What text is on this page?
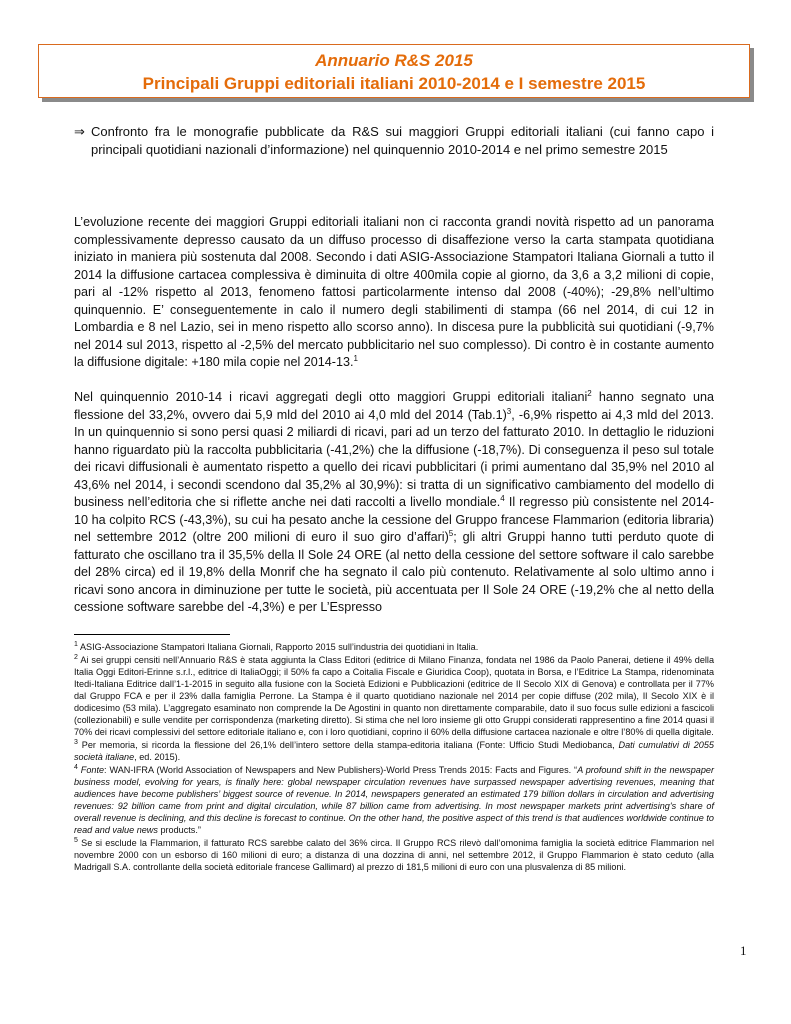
Annuario R&S 2015
Principali Gruppi editoriali italiani 2010-2014 e I semestre 2015
⇒ Confronto fra le monografie pubblicate da R&S sui maggiori Gruppi editoriali italiani (cui fanno capo i principali quotidiani nazionali d’informazione) nel quinquennio 2010-2014 e nel primo semestre 2015
L’evoluzione recente dei maggiori Gruppi editoriali italiani non ci racconta grandi novità rispetto ad un panorama complessivamente depresso causato da un diffuso processo di disaffezione verso la carta stampata quotidiana iniziato in maniera più sostenuta dal 2008. Secondo i dati ASIG-Associazione Stampatori Italiana Giornali a tutto il 2014 la diffusione cartacea complessiva è diminuita di oltre 400mila copie al giorno, da 3,6 a 3,2 milioni di copie, pari al -12% rispetto al 2013, fenomeno fattosi particolarmente intenso dal 2008 (-40%); -29,8% nell’ultimo quinquennio. E’ conseguentemente in calo il numero degli stabilimenti di stampa (66 nel 2014, di cui 12 in Lombardia e 8 nel Lazio, sei in meno rispetto allo scorso anno). In discesa pure la pubblicità sui quotidiani (-9,7% nel 2014 sul 2013, rispetto al -2,5% del mercato pubblicitario nel suo complesso). Di contro è in costante aumento la diffusione digitale: +180 mila copie nel 2014-13.$^1$
Nel quinquennio 2010-14 i ricavi aggregati degli otto maggiori Gruppi editoriali italiani$^2$ hanno segnato una flessione del 33,2%, ovvero dai 5,9 mld del 2010 ai 4,0 mld del 2014 $(Tab.1)^3$, -6,9% rispetto ai 4,3 mld del 2013. In un quinquennio si sono persi quasi 2 miliardi di ricavi, pari ad un terzo del fatturato 2010. In dettaglio le riduzioni hanno riguardato più la raccolta pubblicitaria (-41,2%) che la diffusione (-18,7%). Di conseguenza il peso sul totale dei ricavi diffusionali è aumentato rispetto a quello dei ricavi pubblicitari (i primi aumentano dal 35,9% nel 2010 al 43,6% nel 2014, i secondi scendono dal 35,2% al 30,9%): si tratta di un significativo cambiamento del modello di business nell’editoria che si riflette anche nei dati raccolti a livello mondiale.$^4$ Il regresso più consistente nel 2014-10 ha colpito RCS (-43,3%), su cui ha pesato anche la cessione del Gruppo francese Flammarion (editoria libraria) nel settembre 2012 (oltre 200 milioni di euro il suo giro d’affari)$^5$; gli altri Gruppi hanno tutti perduto quote di fatturato che oscillano tra il 35,5% della Il Sole 24 ORE (al netto della cessione del settore software il calo sarebbe del 28% circa) ed il 19,8% della Monrif che ha segnato il calo più contenuto. Relativamente al solo ultimo anno i ricavi sono ancora in diminuzione per tutte le società, più accentuata per Il Sole 24 ORE (-19,2% che al netto della cessione software sarebbe del -4,3%) e per L’Espresso
$^1$ ASIG-Associazione Stampatori Italiana Giornali, Rapporto 2015 sull’industria dei quotidiani in Italia.
$^2$ Ai sei gruppi censiti nell’Annuario R&S è stata aggiunta la Class Editori (editrice di Milano Finanza, fondata nel 1986 da Paolo Panerai, detiene il 49% della Italia Oggi Editori-Erinne s.r.l., editrice di ItaliaOggi; il 50% fa capo a Coitalia Fiscale e Giuridica Coop), quotata in Borsa, e l’Editrice La Stampa, ridenominata Itedi-Italiana Editrice dall’1-1-2015 in seguito alla fusione con la Società Edizioni e Pubblicazioni (editrice de Il Secolo XIX di Genova) e controllata per il 77% dal Gruppo FCA e per il 23% dalla famiglia Perrone. La Stampa è il quarto quotidiano nazionale nel 2014 per copie diffuse (202 mila), Il Secolo XIX è il dodicesimo (53 mila). L’aggregato esaminato non comprende la De Agostini in quanto non direttamente comparabile, dato il suo focus sulle edizioni a fascicoli (collezionabili) e sulle vendite per corrispondenza (marketing diretto). Si stima che nel loro insieme gli otto Gruppi considerati rappresentino a fine 2014 quasi il 70% dei ricavi complessivi del settore editoriale italiano e, con i loro quotidiani, coprino il 60% della diffusione cartacea nazionale e oltre l’80% di quella digitale.
$^3$ Per memoria, si ricorda la flessione del 26,1% dell’intero settore della stampa-editoria italiana (Fonte: Ufficio Studi Mediobanca, Dati cumulativi di 2055 società italiane, ed. 2015).
$^4$ Fonte: WAN-IFRA (World Association of Newspapers and New Publishers)-World Press Trends 2015: Facts and Figures. “A profound shift in the newspaper business model, evolving for years, is finally here: global newspaper circulation revenues have surpassed newspaper advertising revenues, meaning that audiences have become publishers’ biggest source of revenue. In 2014, newspapers generated an estimated 179 billion dollars in circulation and advertising revenues: 92 billion came from print and digital circulation, while 87 billion came from advertising. In most newspaper markets print advertising's share of overall revenue is declining, and this decline is forecast to continue. On the other hand, the positive aspect of this trend is that audiences worldwide continue to read and value news products.”
$^5$ Se si esclude la Flammarion, il fatturato RCS sarebbe calato del 36% circa. Il Gruppo RCS rilevò dall’omonima famiglia la società editrice Flammarion nel novembre 2000 con un esborso di 160 milioni di euro; a distanza di una dozzina di anni, nel settembre 2012, il Gruppo Flammarion è stato ceduto (alla Madrigall S.A. controllante della società editoriale francese Gallimard) al prezzo di 181,5 milioni di euro con una plusvalenza di 85 milioni.
1
